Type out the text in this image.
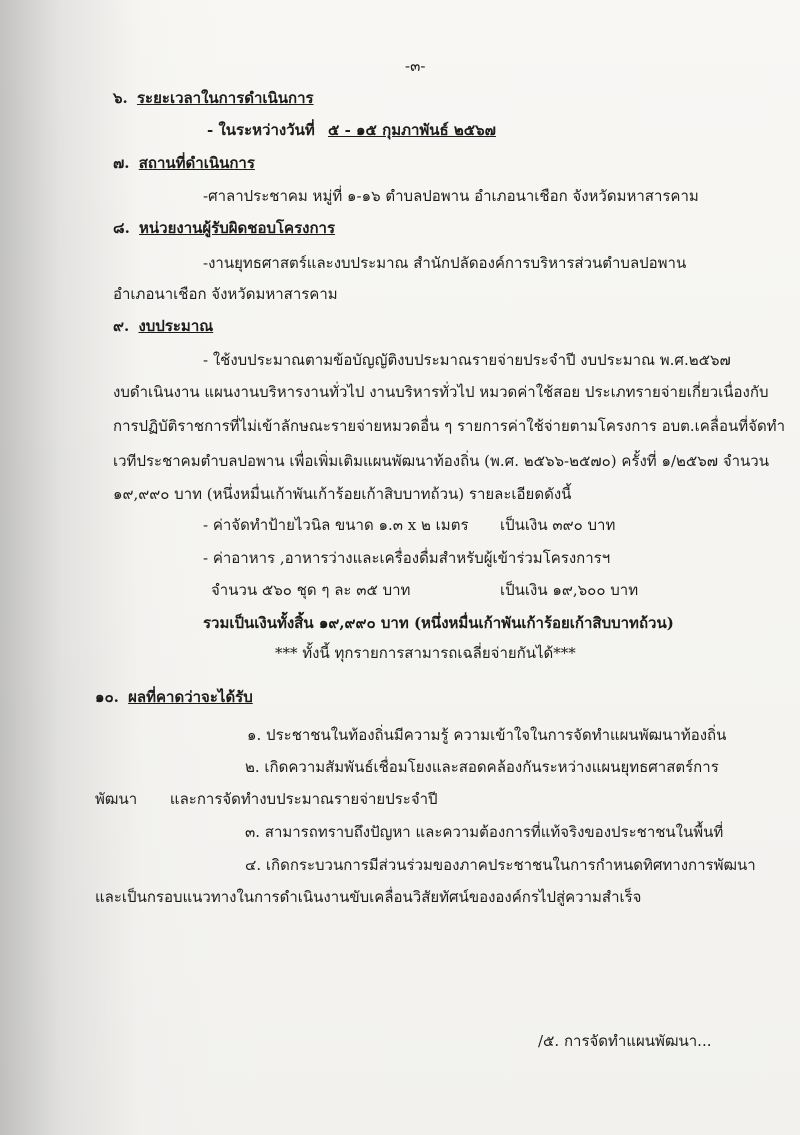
-๓-
๖. ระยะเวลาในการดำเนินการ
- ในระหว่างวันที่ ๕ - ๑๕ กุมภาพันธ์ ๒๕๖๗
๗. สถานที่ดำเนินการ
-ศาลาประชาคม หมู่ที่ ๑-๑๖ ตำบลปอพาน อำเภอนาเชือก จังหวัดมหาสารคาม
๘. หน่วยงานผู้รับผิดชอบโครงการ
-งานยุทธศาสตร์และงบประมาณ สำนักปลัดองค์การบริหารส่วนตำบลปอพาน
อำเภอนาเชือก จังหวัดมหาสารคาม
๙. งบประมาณ
- ใช้งบประมาณตามข้อบัญญัติงบประมาณรายจ่ายประจำปี งบประมาณ พ.ศ.๒๕๖๗
งบดำเนินงาน แผนงานบริหารงานทั่วไป งานบริหารทั่วไป หมวดค่าใช้สอย ประเภทรายจ่ายเกี่ยวเนื่องกับ
การปฏิบัติราชการที่ไม่เข้าลักษณะรายจ่ายหมวดอื่น ๆ รายการค่าใช้จ่ายตามโครงการ อบต.เคลื่อนที่จัดทำ
เวทีประชาคมตำบลปอพาน เพื่อเพิ่มเติมแผนพัฒนาท้องถิ่น (พ.ศ. ๒๕๖๖-๒๕๗๐) ครั้งที่ ๑/๒๕๖๗ จำนวน
๑๙,๙๙๐ บาท (หนึ่งหมื่นเก้าพันเก้าร้อยเก้าสิบบาทถ้วน) รายละเอียดดังนี้
- ค่าจัดทำป้ายไวนิล ขนาด ๑.๓ x ๒ เมตร เป็นเงิน ๓๙๐ บาท
- ค่าอาหาร ,อาหารว่างและเครื่องดื่มสำหรับผู้เข้าร่วมโครงการฯ
จำนวน ๕๖๐ ชุด ๆ ละ ๓๕ บาท	เป็นเงิน ๑๙,๖๐๐ บาท
รวมเป็นเงินทั้งสิ้น ๑๙,๙๙๐ บาท (หนึ่งหมื่นเก้าพันเก้าร้อยเก้าสิบบาทถ้วน)
*** ทั้งนี้ ทุกรายการสามารถเฉลี่ยจ่ายกันได้***
๑๐. ผลที่คาดว่าจะได้รับ
๑. ประชาชนในท้องถิ่นมีความรู้ ความเข้าใจในการจัดทำแผนพัฒนาท้องถิ่น
๒. เกิดความสัมพันธ์เชื่อมโยงและสอดคล้องกันระหว่างแผนยุทธศาสตร์การ
พัฒนา และการจัดทำงบประมาณรายจ่ายประจำปี
๓. สามารถทราบถึงปัญหา และความต้องการที่แท้จริงของประชาชนในพื้นที่
๔. เกิดกระบวนการมีส่วนร่วมของภาคประชาชนในการกำหนดทิศทางการพัฒนา
และเป็นกรอบแนวทางในการดำเนินงานขับเคลื่อนวิสัยทัศน์ขององค์กรไปสู่ความสำเร็จ
/๕. การจัดทำแผนพัฒนา...
